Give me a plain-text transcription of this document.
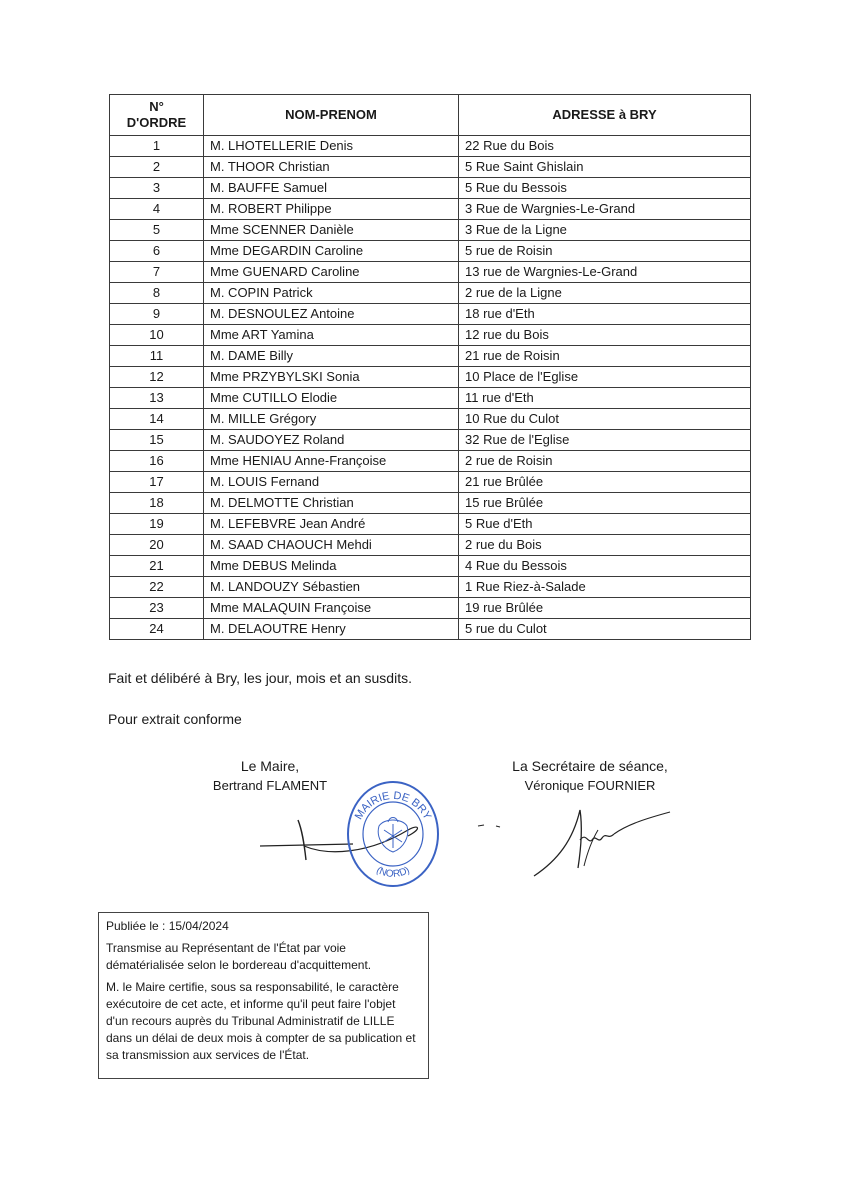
N°
D'ORDRE	NOM-PRENOM	ADRESSE à BRY
1	M. LHOTELLERIE Denis	22 Rue du Bois
2	M. THOOR Christian	5 Rue Saint Ghislain
3	M. BAUFFE Samuel	5 Rue du Bessois
4	M. ROBERT Philippe	3 Rue de Wargnies-Le-Grand
5	Mme SCENNER Danièle	3 Rue de la Ligne
6	Mme DEGARDIN Caroline	5 rue de Roisin
7	Mme GUENARD Caroline	13 rue de Wargnies-Le-Grand
8	M. COPIN Patrick	2 rue de la Ligne
9	M. DESNOULEZ Antoine	18 rue d'Eth
10	Mme ART Yamina	12 rue du Bois
11	M. DAME Billy	21 rue de Roisin
12	Mme PRZYBYLSKI Sonia	10 Place de l'Eglise
13	Mme CUTILLO Elodie	11 rue d'Eth
14	M. MILLE Grégory	10 Rue du Culot
15	M. SAUDOYEZ Roland	32 Rue de l'Eglise
16	Mme HENIAU Anne-Françoise	2 rue de Roisin
17	M. LOUIS Fernand	21 rue Brûlée
18	M. DELMOTTE Christian	15 rue Brûlée
19	M. LEFEBVRE Jean André	5 Rue d'Eth
20	M. SAAD CHAOUCH Mehdi	2 rue du Bois
21	Mme DEBUS Melinda	4 Rue du Bessois
22	M. LANDOUZY Sébastien	1 Rue Riez-à-Salade
23	Mme MALAQUIN Françoise	19 rue Brûlée
24	M. DELAOUTRE Henry	5 rue du Culot
Fait et délibéré à Bry, les jour, mois et an susdits.
Pour extrait conforme
Le Maire,
Bertrand FLAMENT
La Secrétaire de séance,
Véronique FOURNIER
MAIRIE DE BRY
(NORD)

Publiée le : 15/04/2024

Transmise au Représentant de l'État par voie dématérialisée selon le bordereau d'acquittement.

M. le Maire certifie, sous sa responsabilité, le caractère exécutoire de cet acte, et informe qu'il peut faire l'objet d'un recours auprès du Tribunal Administratif de LILLE dans un délai de deux mois à compter de sa publication et sa transmission aux services de l'État.
